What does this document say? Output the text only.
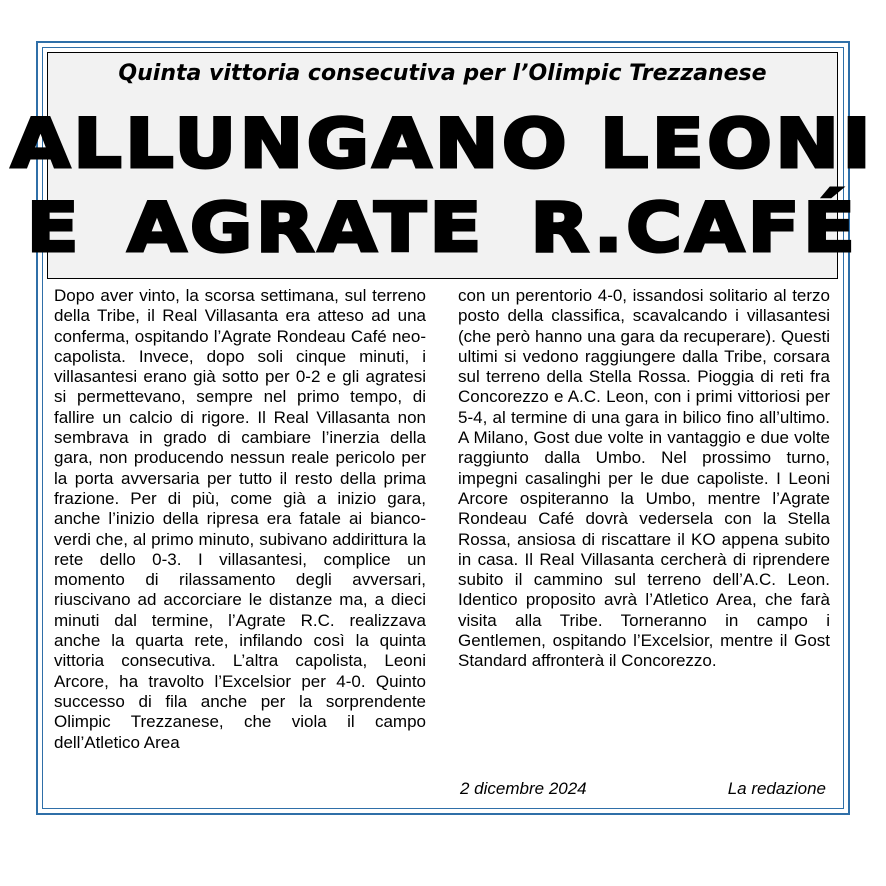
Quinta vittoria consecutiva per l’Olimpic Trezzanese
ALLUNGANO LEONI
E AGRATE R.CAFÉ
Dopo aver vinto, la scorsa settimana, sul terreno della Tribe, il Real Villasanta era atteso ad una conferma, ospitando l’Agrate Rondeau Café neo-capolista. Invece, dopo soli cinque minuti, i villasantesi erano già sotto per 0-2 e gli agratesi si permettevano, sempre nel primo tempo, di fallire un calcio di rigore. Il Real Villasanta non sembrava in grado di cambiare l’inerzia della gara, non producendo nessun reale pericolo per la porta avversaria per tutto il resto della prima frazione. Per di più, come già a inizio gara, anche l’inizio della ripresa era fatale ai bianco-verdi che, al primo minuto, subivano addirittura la rete dello 0-3. I villasantesi, complice un momento di rilassamento degli avversari, riuscivano ad accorciare le distanze ma, a dieci minuti dal termine, l’Agrate R.C. realizzava anche la quarta rete, infilando così la quinta vittoria consecutiva. L’altra capolista, Leoni Arcore, ha travolto l’Excelsior per 4-0. Quinto successo di fila anche per la sorprendente Olimpic Trezzanese, che viola il campo dell’Atletico Area
con un perentorio 4-0, issandosi solitario al terzo posto della classifica, scavalcando i villasantesi (che però hanno una gara da recuperare). Questi ultimi si vedono raggiungere dalla Tribe, corsara sul terreno della Stella Rossa. Pioggia di reti fra Concorezzo e A.C. Leon, con i primi vittoriosi per 5-4, al termine di una gara in bilico fino all’ultimo. A Milano, Gost due volte in vantaggio e due volte raggiunto dalla Umbo. Nel prossimo turno, impegni casalinghi per le due capoliste. I Leoni Arcore ospiteranno la Umbo, mentre l’Agrate Rondeau Café dovrà vedersela con la Stella Rossa, ansiosa di riscattare il KO appena subito in casa. Il Real Villasanta cercherà di riprendere subito il cammino sul terreno dell’A.C. Leon. Identico proposito avrà l’Atletico Area, che farà visita alla Tribe. Torneranno in campo i Gentlemen, ospitando l’Excelsior, mentre il Gost Standard affronterà il Concorezzo.
2 dicembre 2024	La redazione
